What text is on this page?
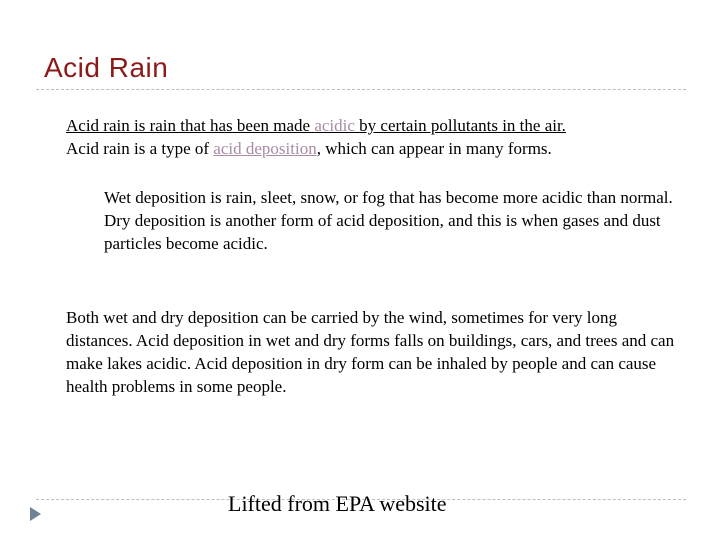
Acid Rain
Acid rain is rain that has been made acidic by certain pollutants in the air.
Acid rain is a type of acid deposition, which can appear in many forms.
Wet deposition is rain, sleet, snow, or fog that has become more acidic than normal.
Dry deposition is another form of acid deposition, and this is when gases and dust particles become acidic.
Both wet and dry deposition can be carried by the wind, sometimes for very long distances. Acid deposition in wet and dry forms falls on buildings, cars, and trees and can make lakes acidic. Acid deposition in dry form can be inhaled by people and can cause health problems in some people.
Lifted from EPA website
